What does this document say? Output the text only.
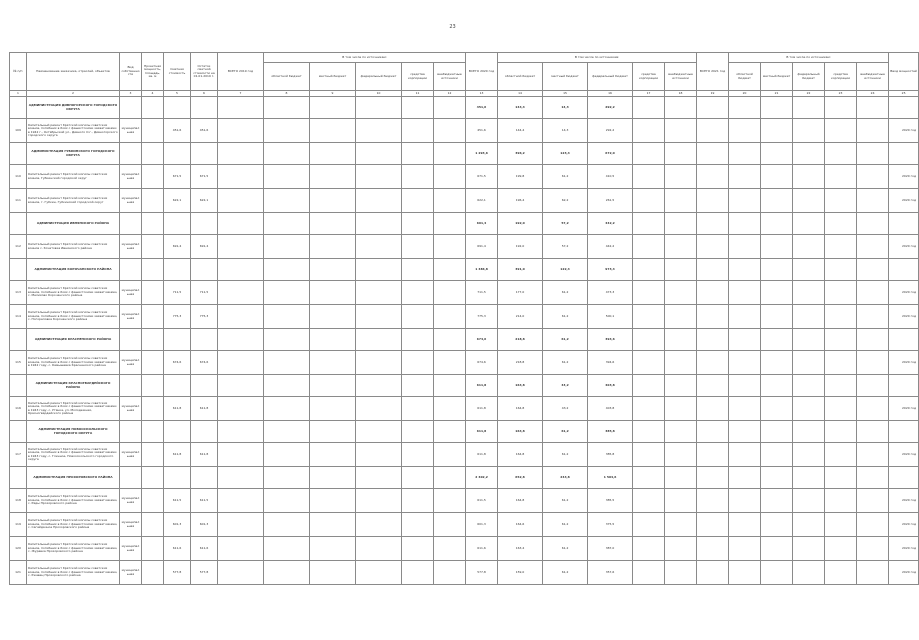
23
№ п/п	Наименование заказчика, отраслей, объектов	Вид собственности	Проектная мощность, площадь, кв. м	Сметная стоимость	Остаток сметной стоимости на 01.01.2019 г.	ВСЕГО 2019 год	В том числе по источникам:					ВСЕГО 2020 год	В том числе по источникам:					ВСЕГО 2021 год	В том числе по источникам:					Ввод мощностей
							областной бюджет	местный бюджет	федеральный бюджет	средства корпорации	внебюджетные источники		областной бюджет	местный бюджет	федеральный бюджет	средства корпорации	внебюджетные источники		областной бюджет	местный бюджет	федеральный бюджет	средства корпорации	внебюджетные источники	
1	2	3	4	5	6	7	8	9	10	11	12	13	14	15	16	17	18	19	20	21	22	23	24	25
	АДМИНИСТРАЦИЯ ДИВНОГОРСКОГО ГОРОДСКОГО ОКРУГА											451,6	144,4	14,3	292,2									
109	Капитальный ремонт братской могилы советских воинов, погибших в боях с фашистскими захватчиками в 1942 г., Октябрьский ул., Дивного О.г., Дивногорского городского округа	муниципальная		451,6	451,6							451,6	144,4	14,3	292,2									2020 год
	АДМИНИСТРАЦИЯ ГУБКИНСКОГО ГОРОДСКОГО ОКРУГА											1 293,6	396,2	123,4	672,0									
110	Капитальный ремонт братской могилы советских воинов, Губкинский городской округ	муниципальная		671,5	671,5							671,5	199,8	61,2	410,5									2020 год
111	Капитальный ремонт братской могилы советских воинов, г. Губкин, Губкинский городской округ	муниципальная		622,1	622,1							622,1	196,4	62,2	261,5									2020 год
	АДМИНИСТРАЦИЯ ИВНЯНСКОГО РАЙОНА											691,4	192,0	57,2	442,2									
112	Капитальный ремонт братской могилы советских воинов с. Кочетовка Ивнянского района	муниципальная		691,4	691,4							691,4	192,0	57,2	442,2									2020 год
	АДМИНИСТРАЦИЯ КОРОЧАНСКОГО РАЙОНА											1 486,8	391,0	122,4	973,4									
113	Капитальный ремонт братской могилы советских воинов, погибших в боях с фашистскими захватчиками, с. Мелихово Корочанского района	муниципальная		711,5	711,5							711,5	177,0	61,2	473,3									2020 год
114	Капитальный ремонт братской могилы советских воинов, погибших в боях с фашистскими захватчиками, с. Погореловка Корочанского района	муниципальная		775,3	775,3							775,3	214,0	61,2	500,1									2020 год
	АДМИНИСТРАЦИЯ КРАСНЕНСКОГО РАЙОНА											674,6	218,8	61,2	394,6									
115	Капитальный ремонт братской могилы советских воинов, погибших в боях с фашистскими захватчиками в 1942 году, с. Камышевка Красненского района	муниципальная		674,6	674,6							674,6	218,8	61,2	394,6									2020 год
	АДМИНИСТРАЦИЯ КРАСНОГВАРДЕЙСКОГО РАЙОНА											611,8	164,8	43,2	403,8									
116	Капитальный ремонт братской могилы советских воинов, погибших в боях с фашистскими захватчиками в 1943 году, с. Утянка, ул. Молодежная, Красногвардейского района	муниципальная		611,8	611,8							611,8	164,8	43,2	403,8									2020 год
	АДМИНИСТРАЦИЯ НОВООСКОЛЬСКОГО ГОРОДСКОГО ОКРУГА											611,8	164,8	61,2	385,8									
117	Капитальный ремонт братской могилы советских воинов, погибших в боях с фашистскими захватчиками в 1943 году, с. Глинное, Новооскольского городского округа	муниципальная		611,8	611,8							611,8	164,8	61,2	385,8									2020 год
	АДМИНИСТРАЦИЯ ПРОХОРОВСКОГО РАЙОНА											2 402,2	652,8	244,8	1 504,6									
118	Капитальный ремонт братской могилы советских воинов, погибших в боях с фашистскими захватчиками, с. Ряды Прохоровского района	муниципальная		611,5	611,5							611,5	164,8	61,2	385,5									2020 год
119	Капитальный ремонт братской могилы советских воинов, погибших в боях с фашистскими захватчиками, с. Сагайдачное Прохоровского района	муниципальная		601,3	601,3							601,3	164,6	61,2	375,5									2020 год
120	Капитальный ремонт братской могилы советских воинов, погибших в боях с фашистскими захватчиками, с. Журавка Прохоровского района	муниципальная		611,6	611,6							611,6	163,4	61,2	387,0									2020 год
121	Капитальный ремонт братской могилы советских воинов, погибших в боях с фашистскими захватчиками, с. Ржавец Прохоровского района	муниципальная		577,8	577,8							577,8	159,0	61,2	357,6									2020 год
